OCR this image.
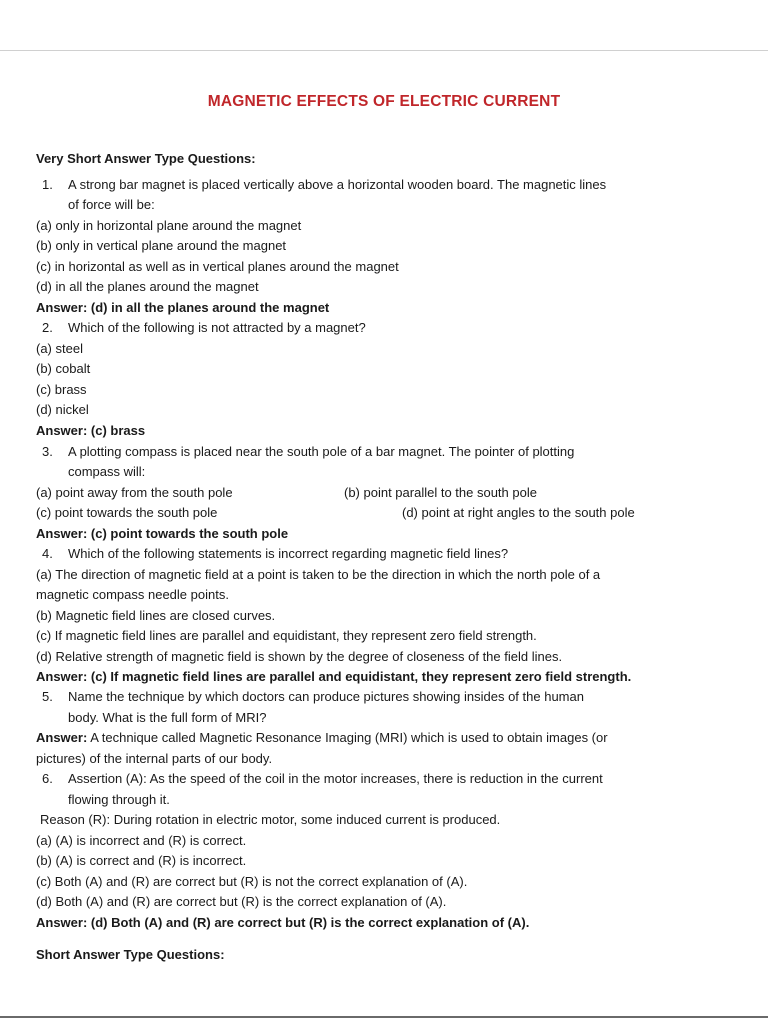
MAGNETIC EFFECTS OF ELECTRIC CURRENT
Very Short Answer Type Questions:
1. A strong bar magnet is placed vertically above a horizontal wooden board. The magnetic lines
of force will be:
(a) only in horizontal plane around the magnet
(b) only in vertical plane around the magnet
(c) in horizontal as well as in vertical planes around the magnet
(d) in all the planes around the magnet
Answer: (d) in all the planes around the magnet
2. Which of the following is not attracted by a magnet?
(a) steel
(b) cobalt
(c) brass
(d) nickel
Answer: (c) brass
3. A plotting compass is placed near the south pole of a bar magnet. The pointer of plotting
compass will:
(a) point away from the south pole	(b) point parallel to the south pole
(c) point towards the south pole	(d) point at right angles to the south pole
Answer: (c) point towards the south pole
4. Which of the following statements is incorrect regarding magnetic field lines?
(a) The direction of magnetic field at a point is taken to be the direction in which the north pole of a
magnetic compass needle points.
(b) Magnetic field lines are closed curves.
(c) If magnetic field lines are parallel and equidistant, they represent zero field strength.
(d) Relative strength of magnetic field is shown by the degree of closeness of the field lines.
Answer: (c) If magnetic field lines are parallel and equidistant, they represent zero field strength.
5. Name the technique by which doctors can produce pictures showing insides of the human
body. What is the full form of MRI?
Answer: A technique called Magnetic Resonance Imaging (MRI) which is used to obtain images (or
pictures) of the internal parts of our body.
6. Assertion (A): As the speed of the coil in the motor increases, there is reduction in the current
flowing through it.
Reason (R): During rotation in electric motor, some induced current is produced.
(a) (A) is incorrect and (R) is correct.
(b) (A) is correct and (R) is incorrect.
(c) Both (A) and (R) are correct but (R) is not the correct explanation of (A).
(d) Both (A) and (R) are correct but (R) is the correct explanation of (A).
Answer: (d) Both (A) and (R) are correct but (R) is the correct explanation of (A).
Short Answer Type Questions:
